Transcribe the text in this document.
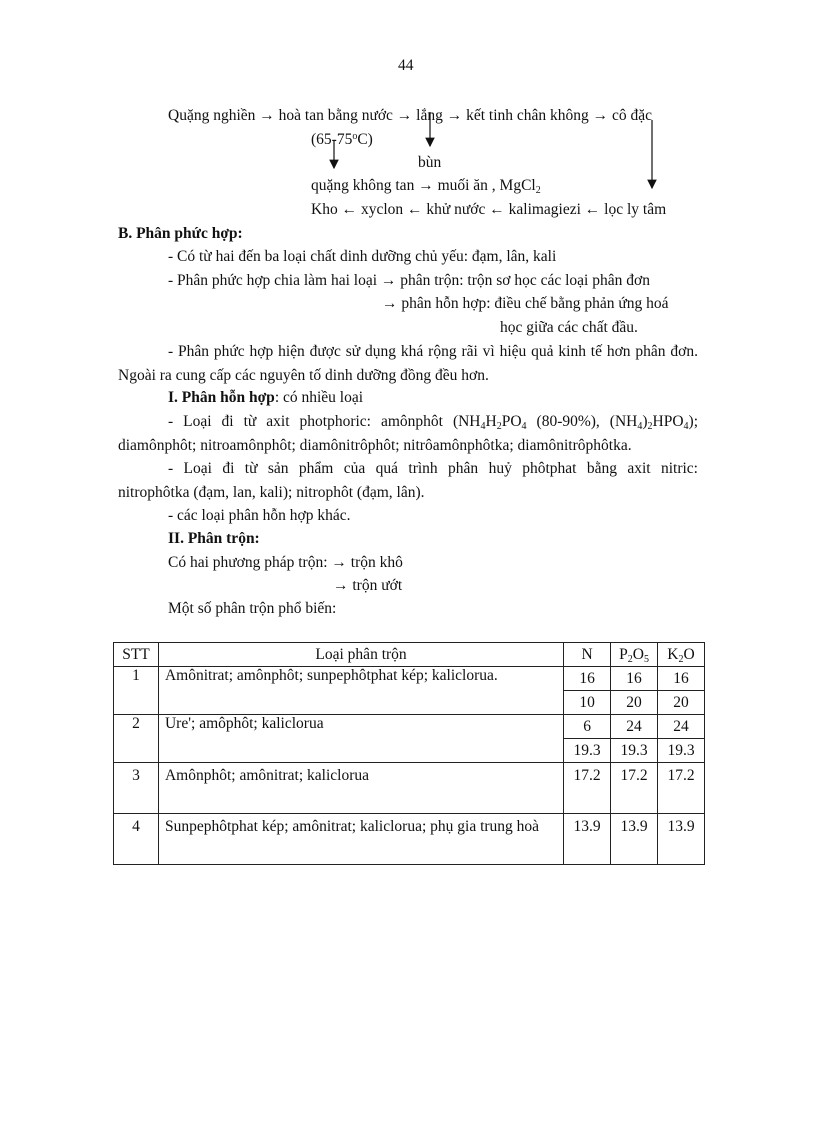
44
Quặng nghiền → hoà tan bằng nước → lắng → kết tinh chân không → cô đặc
(65-75$^o$C)
bùn
quặng không tan → muối ăn , MgCl$_2$
Kho ← xyclon ← khử nước ← kalimagiezi ← lọc ly tâm
B. Phân phức hợp:
- Có từ hai đến ba loại chất dinh dưỡng chủ yếu: đạm, lân, kali
- Phân phức hợp chia làm hai loại → phân trộn: trộn sơ học các loại phân đơn
→ phân hỗn hợp: điều chế bằng phản ứng hoá
học giữa các chất đầu.
- Phân phức hợp hiện được sử dụng khá rộng rãi vì hiệu quả kinh tế hơn phân đơn.
Ngoài ra cung cấp các nguyên tố dinh dưỡng đồng đều hơn.
I. Phân hỗn hợp: có nhiều loại
- Loại đi từ axit photphoric: amônphôt ($NH_4H_2PO_4$ (80-90%), $(NH_4)_2HPO_4$);
diamônphôt; nitroamônphôt; diamônitrôphôt; nitrôamônphôtka; diamônitrôphôtka.
- Loại đi từ sản phẩm của quá trình phân huỷ phôtphat bằng axit nitric:
nitrophôtka (đạm, lan, kali); nitrophôt (đạm, lân).
- các loại phân hỗn hợp khác.
II. Phân trộn:
Có hai phương pháp trộn: → trộn khô
→ trộn ướt
Một số phân trộn phổ biến:
STT	Loại phân trộn	N	$P_2O_5$	$K_2O$
1	Amônitrat; amônphôt; sunpephôtphat kép; kaliclorua.	16	16	16
		10	20	20
2	Ure'; amôphôt; kaliclorua	6	24	24
		19.3	19.3	19.3
3	Amônphôt; amônitrat; kaliclorua	17.2	17.2	17.2
4	Sunpephôtphat kép; amônitrat; kaliclorua; phụ gia trung hoà	13.9	13.9	13.9
